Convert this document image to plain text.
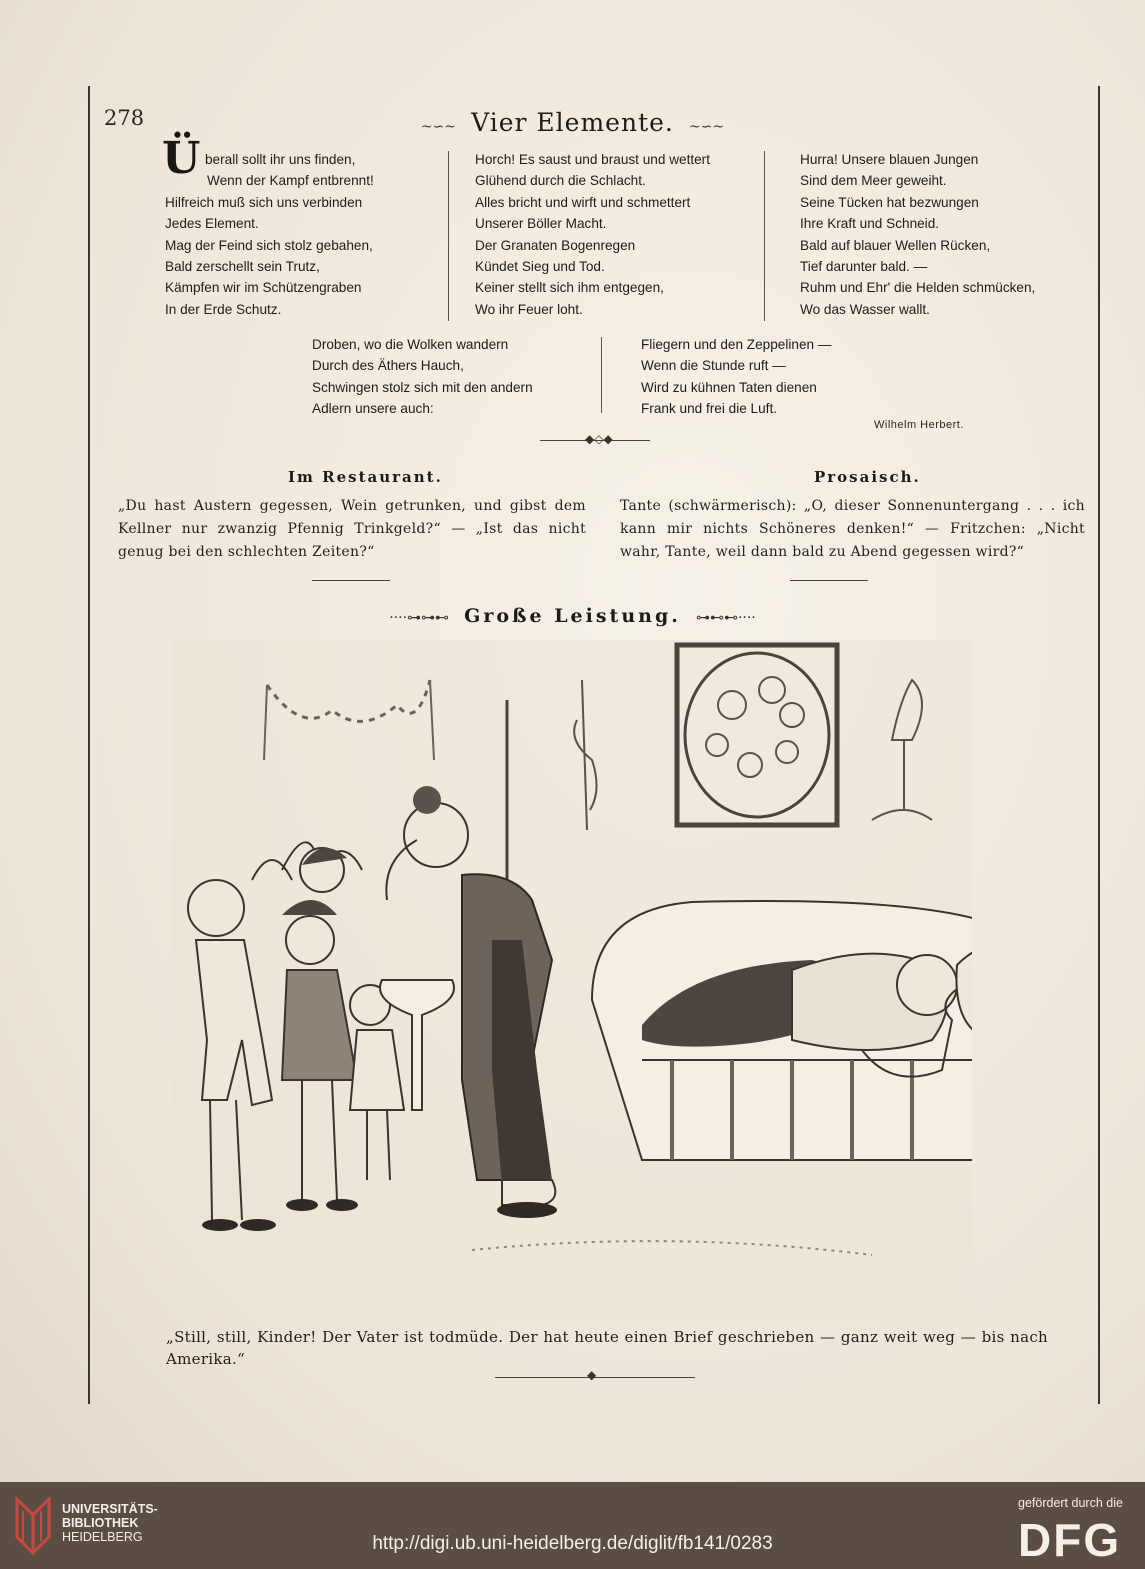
278	~∽~ Vier Elemente. ~∽~
Ü berall sollt ihr uns finden,
Wenn der Kampf entbrennt!
Hilfreich muß sich uns verbinden
Jedes Element.
Mag der Feind sich stolz gebahen,
Bald zerschellt sein Trutz,
Kämpfen wir im Schützengraben
In der Erde Schutz.
Horch! Es saust und braust und wettert
Glühend durch die Schlacht.
Alles bricht und wirft und schmettert
Unserer Böller Macht.
Der Granaten Bogenregen
Kündet Sieg und Tod.
Keiner stellt sich ihm entgegen,
Wo ihr Feuer loht.
Hurra! Unsere blauen Jungen
Sind dem Meer geweiht.
Seine Tücken hat bezwungen
Ihre Kraft und Schneid.
Bald auf blauer Wellen Rücken,
Tief darunter bald. —
Ruhm und Ehr' die Helden schmücken,
Wo das Wasser wallt.
Droben, wo die Wolken wandern
Durch des Äthers Hauch,
Schwingen stolz sich mit den andern
Adlern unsere auch:
Fliegern und den Zeppelinen —
Wenn die Stunde ruft —
Wird zu kühnen Taten dienen
Frank und frei die Luft.
Wilhelm Herbert.
◆◇◆
Im Restaurant.
„Du hast Austern gegessen, Wein getrunken, und gibst dem Kellner nur zwanzig Pfennig Trinkgeld?“ — „Ist das nicht genug bei den schlechten Zeiten?“
Prosaisch.
Tante (schwärmerisch): „O, dieser Sonnenuntergang . . . ich kann mir nichts Schöneres denken!“ — Fritzchen: „Nicht wahr, Tante, weil dann bald zu Abend gegessen wird?“
····⊶⊶⊷ Große Leistung. ⊶⊷⊷····
„Still, still, Kinder! Der Vater ist todmüde. Der hat heute einen Brief geschrieben — ganz weit weg — bis nach Amerika.“
◆
UNIVERSITÄTS-
BIBLIOTHEK
HEIDELBERG	http://digi.ub.uni-heidelberg.de/diglit/fb141/0283
gefördert durch die
DFG
